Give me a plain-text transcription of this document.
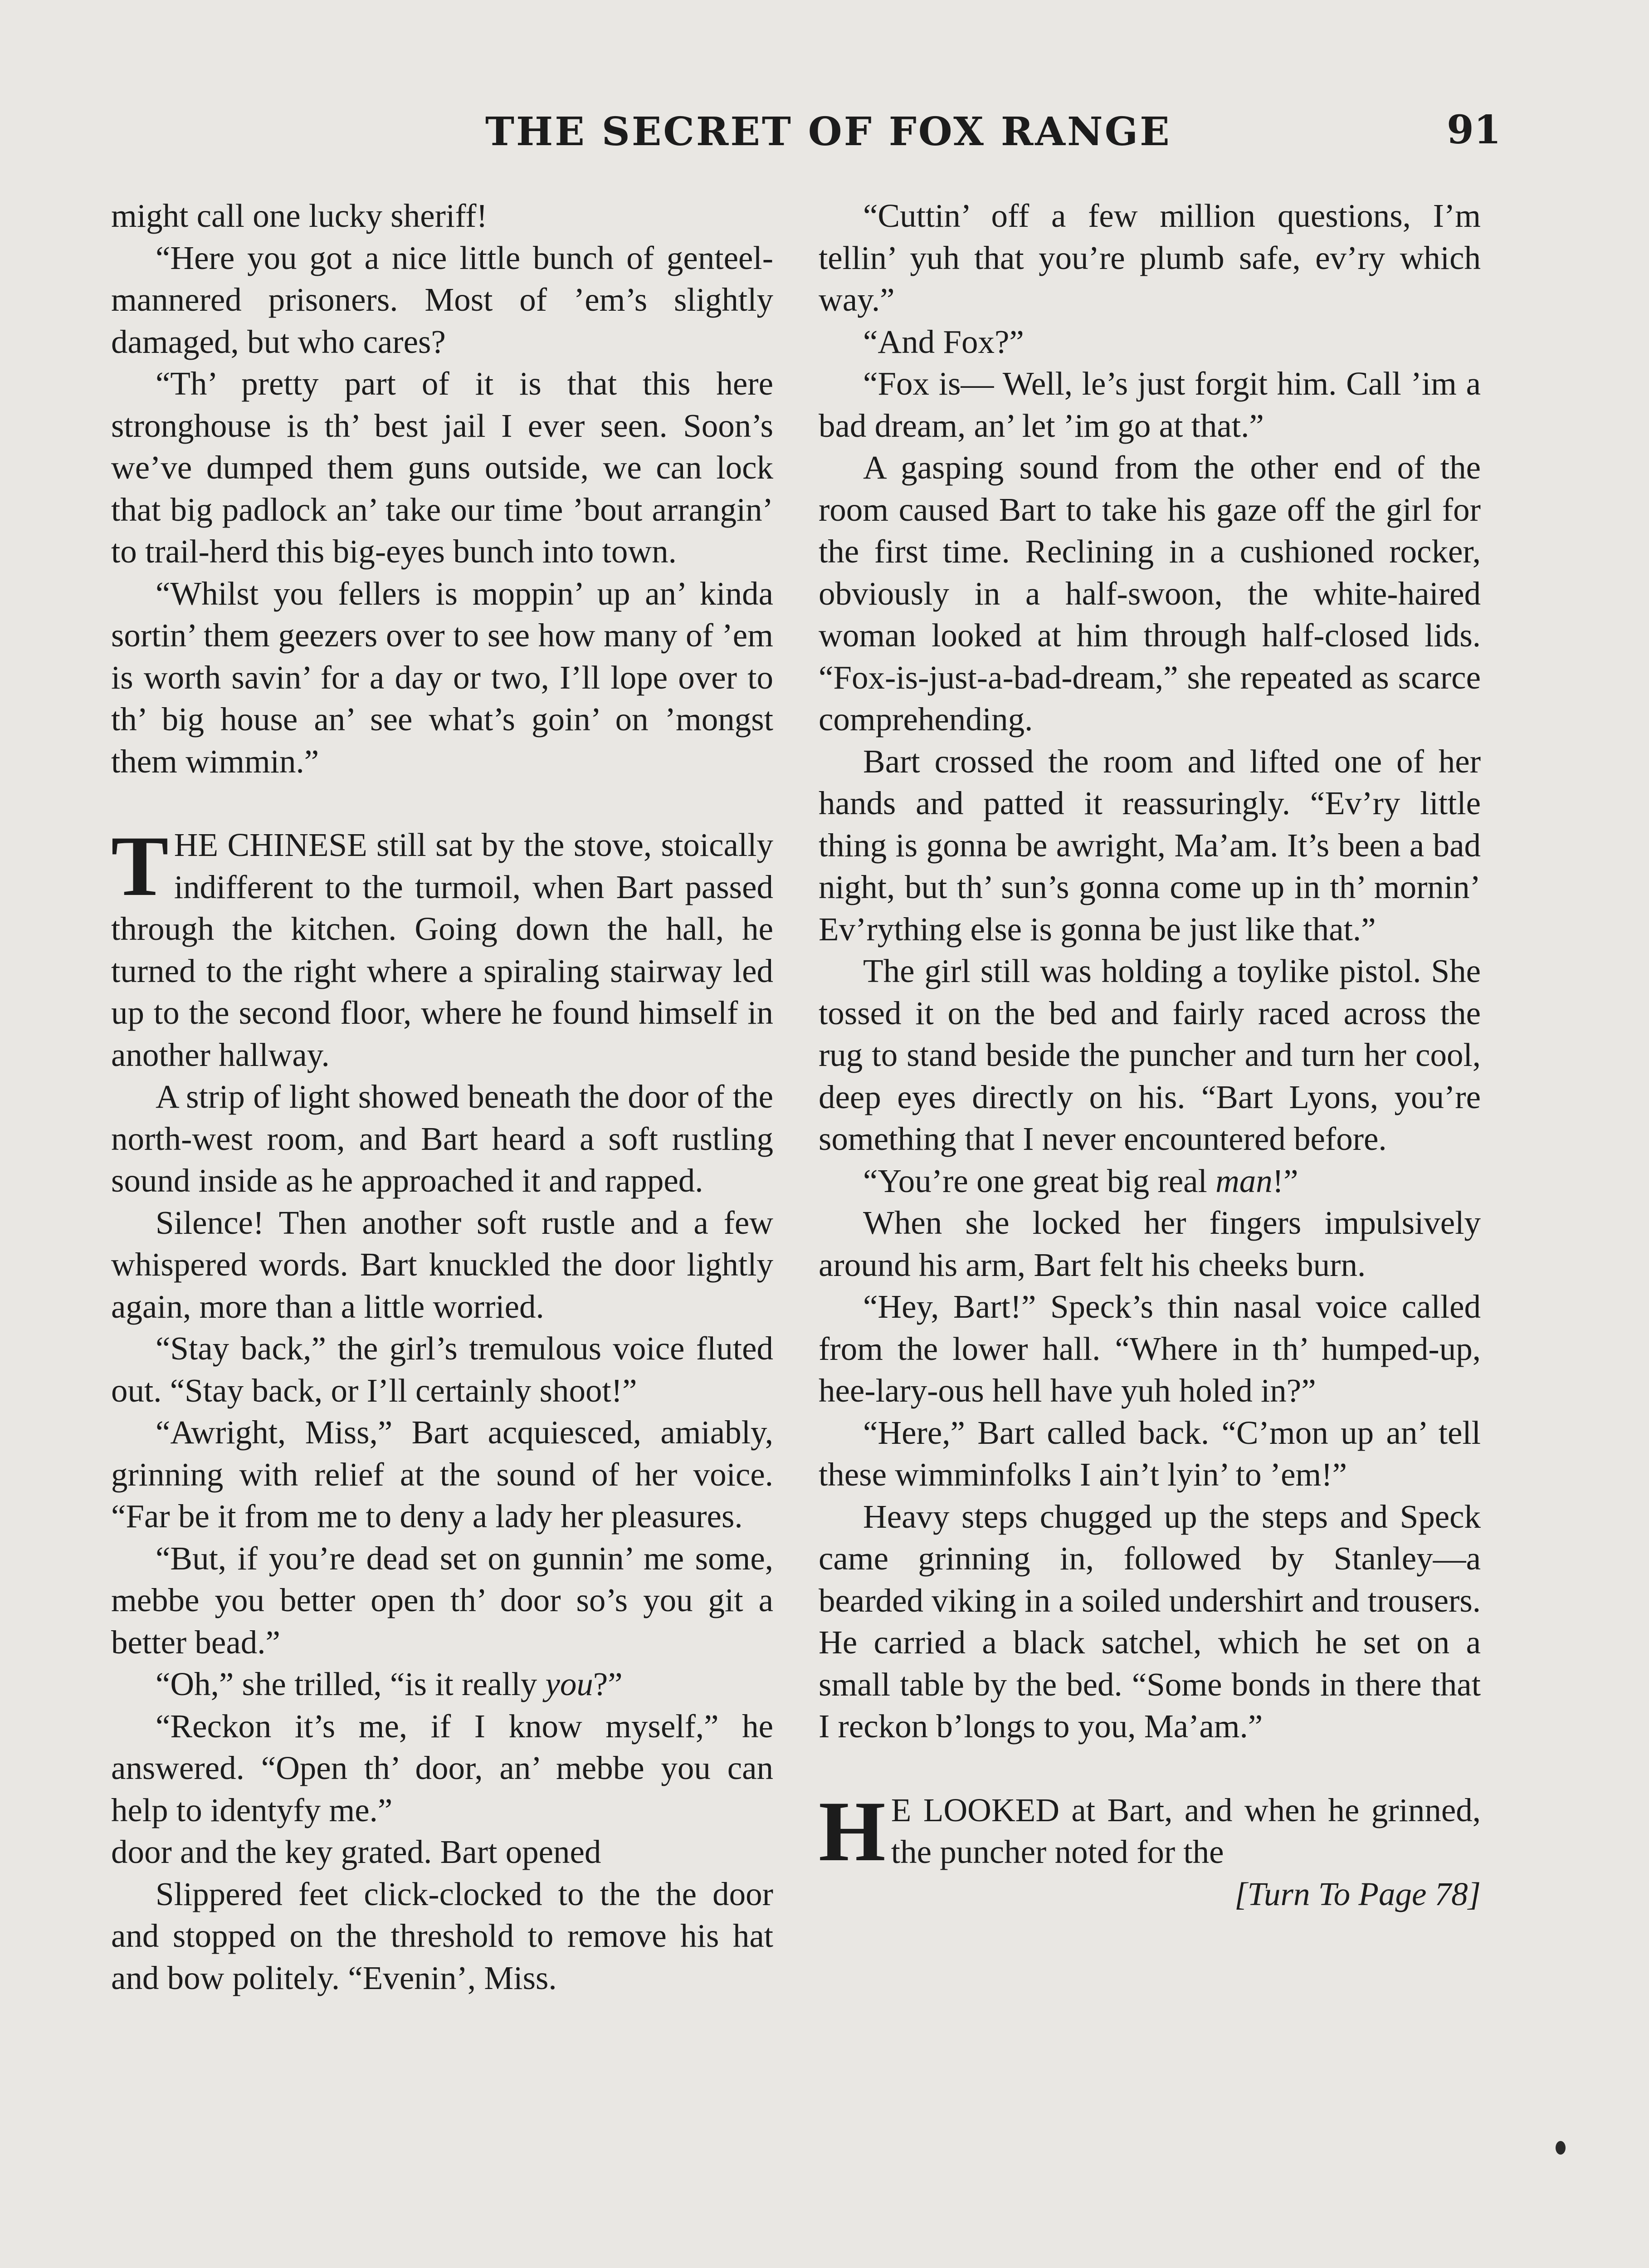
THE SECRET OF FOX RANGE	91

might call one lucky sheriff!

“Here you got a nice little bunch of genteel-mannered prisoners. Most of ’em’s slightly damaged, but who cares?

“Th’ pretty part of it is that this here stronghouse is th’ best jail I ever seen. Soon’s we’ve dumped them guns outside, we can lock that big padlock an’ take our time ’bout arrangin’ to trail-herd this big-eyes bunch into town.

“Whilst you fellers is moppin’ up an’ kinda sortin’ them geezers over to see how many of ’em is worth savin’ for a day or two, I’ll lope over to th’ big house an’ see what’s goin’ on ’mongst them wimmin.”

THE CHINESE still sat by the stove, stoically indifferent to the turmoil, when Bart passed through the kitchen. Going down the hall, he turned to the right where a spiraling stairway led up to the second floor, where he found himself in another hallway.

A strip of light showed beneath the door of the north-west room, and Bart heard a soft rustling sound inside as he approached it and rapped.

Silence! Then another soft rustle and a few whispered words. Bart knuckled the door lightly again, more than a little worried.

“Stay back,” the girl’s tremulous voice fluted out. “Stay back, or I’ll certainly shoot!”

“Awright, Miss,” Bart acquiesced, amiably, grinning with relief at the sound of her voice. “Far be it from me to deny a lady her pleasures.

“But, if you’re dead set on gunnin’ me some, mebbe you better open th’ door so’s you git a better bead.”

“Oh,” she trilled, “is it really you?”

“Reckon it’s me, if I know myself,” he answered. “Open th’ door, an’ mebbe you can help to identyfy me.”

door and the key grated. Bart opened

Slippered feet click-clocked to the the door and stopped on the threshold to remove his hat and bow politely. “Evenin’, Miss.

“Cuttin’ off a few million questions, I’m tellin’ yuh that you’re plumb safe, ev’ry which way.”

“And Fox?”

“Fox is— Well, le’s just forgit him. Call ’im a bad dream, an’ let ’im go at that.”

A gasping sound from the other end of the room caused Bart to take his gaze off the girl for the first time. Reclining in a cushioned rocker, obviously in a half-swoon, the white-haired woman looked at him through half-closed lids. “Fox-is-just-a-bad-dream,” she repeated as scarce comprehending.

Bart crossed the room and lifted one of her hands and patted it reassuringly. “Ev’ry little thing is gonna be awright, Ma’am. It’s been a bad night, but th’ sun’s gonna come up in th’ mornin’ Ev’rything else is gonna be just like that.”

The girl still was holding a toylike pistol. She tossed it on the bed and fairly raced across the rug to stand beside the puncher and turn her cool, deep eyes directly on his. “Bart Lyons, you’re something that I never encountered before.

“You’re one great big real man!”

When she locked her fingers impulsively around his arm, Bart felt his cheeks burn.

“Hey, Bart!” Speck’s thin nasal voice called from the lower hall. “Where in th’ humped-up, hee-lary-ous hell have yuh holed in?”

“Here,” Bart called back. “C’mon up an’ tell these wimminfolks I ain’t lyin’ to ’em!”

Heavy steps chugged up the steps and Speck came grinning in, followed by Stanley—a bearded viking in a soiled undershirt and trousers. He carried a black satchel, which he set on a small table by the bed. “Some bonds in there that I reckon b’longs to you, Ma’am.”

H E LOOKED at Bart, and when he grinned, the puncher noted for the

[Turn To Page 78]
